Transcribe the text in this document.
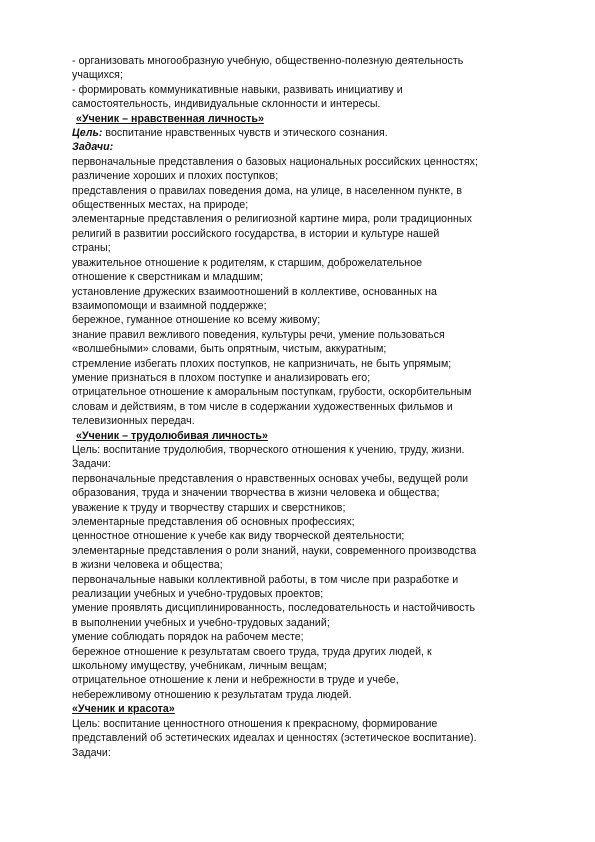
- организовать многообразную учебную, общественно-полезную деятельность

учащихся;

- формировать коммуникативные навыки, развивать инициативу и

самостоятельность, индивидуальные склонности и интересы.

«Ученик – нравственная личность»

Цель: воспитание нравственных чувств и этического сознания.

Задачи:

первоначальные представления о базовых национальных российских ценностях;

различение хороших и плохих поступков;

представления о правилах поведения дома, на улице, в населенном пункте, в

общественных местах, на природе;

элементарные представления о религиозной картине мира, роли традиционных

религий в развитии российского государства, в истории и культуре нашей

страны;

уважительное отношение к родителям, к старшим, доброжелательное

отношение к сверстникам и младшим;

установление дружеских взаимоотношений в коллективе, основанных на

взаимопомощи и взаимной поддержке;

бережное, гуманное отношение ко всему живому;

знание правил вежливого поведения, культуры речи, умение пользоваться

«волшебными» словами, быть опрятным, чистым, аккуратным;

стремление избегать плохих поступков, не капризничать, не быть упрямым;

умение признаться в плохом поступке и анализировать его;

отрицательное отношение к аморальным поступкам, грубости, оскорбительным

словам и действиям, в том числе в содержании художественных фильмов и

телевизионных передач.

«Ученик – трудолюбивая личность»

Цель: воспитание трудолюбия, творческого отношения к учению, труду, жизни.

Задачи:

первоначальные представления о нравственных основах учебы, ведущей роли

образования, труда и значении творчества в жизни человека и общества;

уважение к труду и творчеству старших и сверстников;

элементарные представления об основных профессиях;

ценностное отношение к учебе как виду творческой деятельности;

элементарные представления о роли знаний, науки, современного производства

в жизни человека и общества;

первоначальные навыки коллективной работы, в том числе при разработке и

реализации учебных и учебно-трудовых проектов;

умение проявлять дисциплинированность, последовательность и настойчивость

в выполнении учебных и учебно-трудовых заданий;

умение соблюдать порядок на рабочем месте;

бережное отношение к результатам своего труда, труда других людей, к

школьному имуществу, учебникам, личным вещам;

отрицательное отношение к лени и небрежности в труде и учебе,

небережливому отношению к результатам труда людей.

«Ученик и красота»

Цель: воспитание ценностного отношения к прекрасному, формирование

представлений об эстетических идеалах и ценностях (эстетическое воспитание).

Задачи:
